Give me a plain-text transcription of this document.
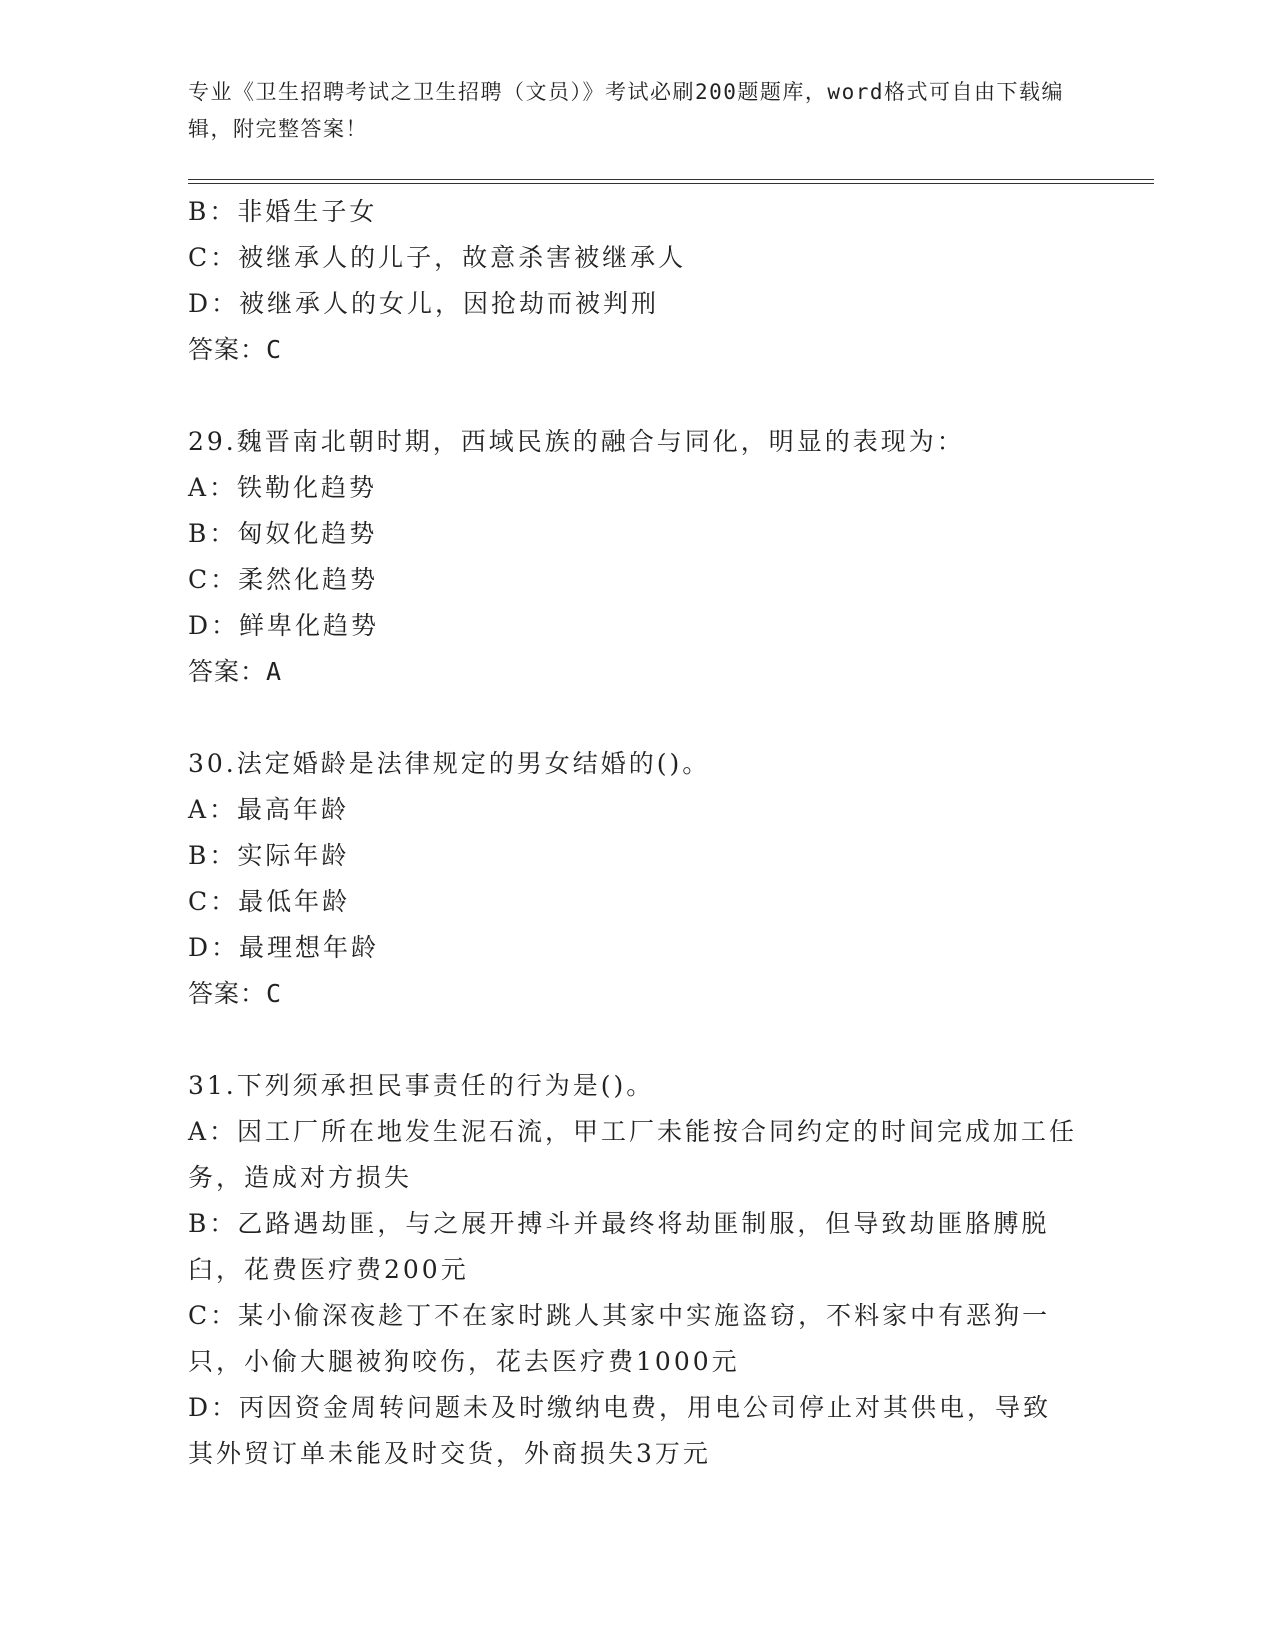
专业《卫生招聘考试之卫生招聘（文员）》考试必刷200题题库，word格式可自由下载编辑，附完整答案！
B：非婚生子女
C：被继承人的儿子，故意杀害被继承人
D：被继承人的女儿，因抢劫而被判刑
答案：C
29.魏晋南北朝时期，西域民族的融合与同化，明显的表现为：
A：铁勒化趋势
B：匈奴化趋势
C：柔然化趋势
D：鲜卑化趋势
答案：A
30.法定婚龄是法律规定的男女结婚的()。
A：最高年龄
B：实际年龄
C：最低年龄
D：最理想年龄
答案：C
31.下列须承担民事责任的行为是()。
A：因工厂所在地发生泥石流，甲工厂未能按合同约定的时间完成加工任务，造成对方损失
B：乙路遇劫匪，与之展开搏斗并最终将劫匪制服，但导致劫匪胳膊脱臼，花费医疗费200元
C：某小偷深夜趁丁不在家时跳人其家中实施盗窃，不料家中有恶狗一只，小偷大腿被狗咬伤，花去医疗费1000元
D：丙因资金周转问题未及时缴纳电费，用电公司停止对其供电，导致其外贸订单未能及时交货，外商损失3万元
